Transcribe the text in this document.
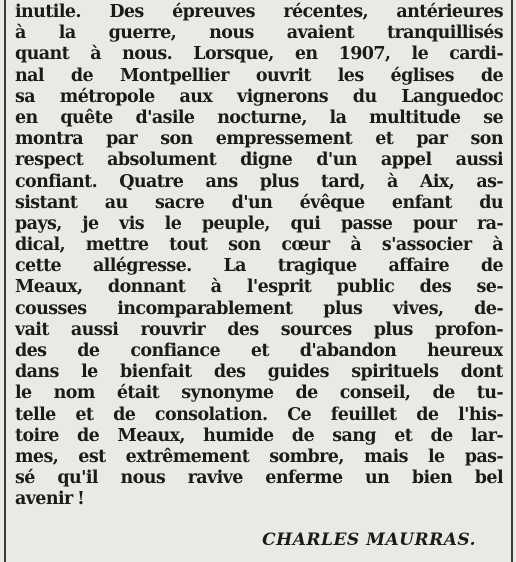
inutile. Des épreuves récentes, antérieures
à la guerre, nous avaient tranquillisés
quant à nous. Lorsque, en 1907, le cardi-
nal de Montpellier ouvrit les églises de
sa métropole aux vignerons du Languedoc
en quête d'asile nocturne, la multitude se
montra par son empressement et par son
respect absolument digne d'un appel aussi
confiant. Quatre ans plus tard, à Aix, as-
sistant au sacre d'un évêque enfant du
pays, je vis le peuple, qui passe pour ra-
dical, mettre tout son cœur à s'associer à
cette allégresse. La tragique affaire de
Meaux, donnant à l'esprit public des se-
cousses incomparablement plus vives, de-
vait aussi rouvrir des sources plus profon-
des de confiance et d'abandon heureux
dans le bienfait des guides spirituels dont
le nom était synonyme de conseil, de tu-
telle et de consolation. Ce feuillet de l'his-
toire de Meaux, humide de sang et de lar-
mes, est extrêmement sombre, mais le pas-
sé qu'il nous ravive enferme un bien bel
avenir !
CHARLES MAURRAS.
